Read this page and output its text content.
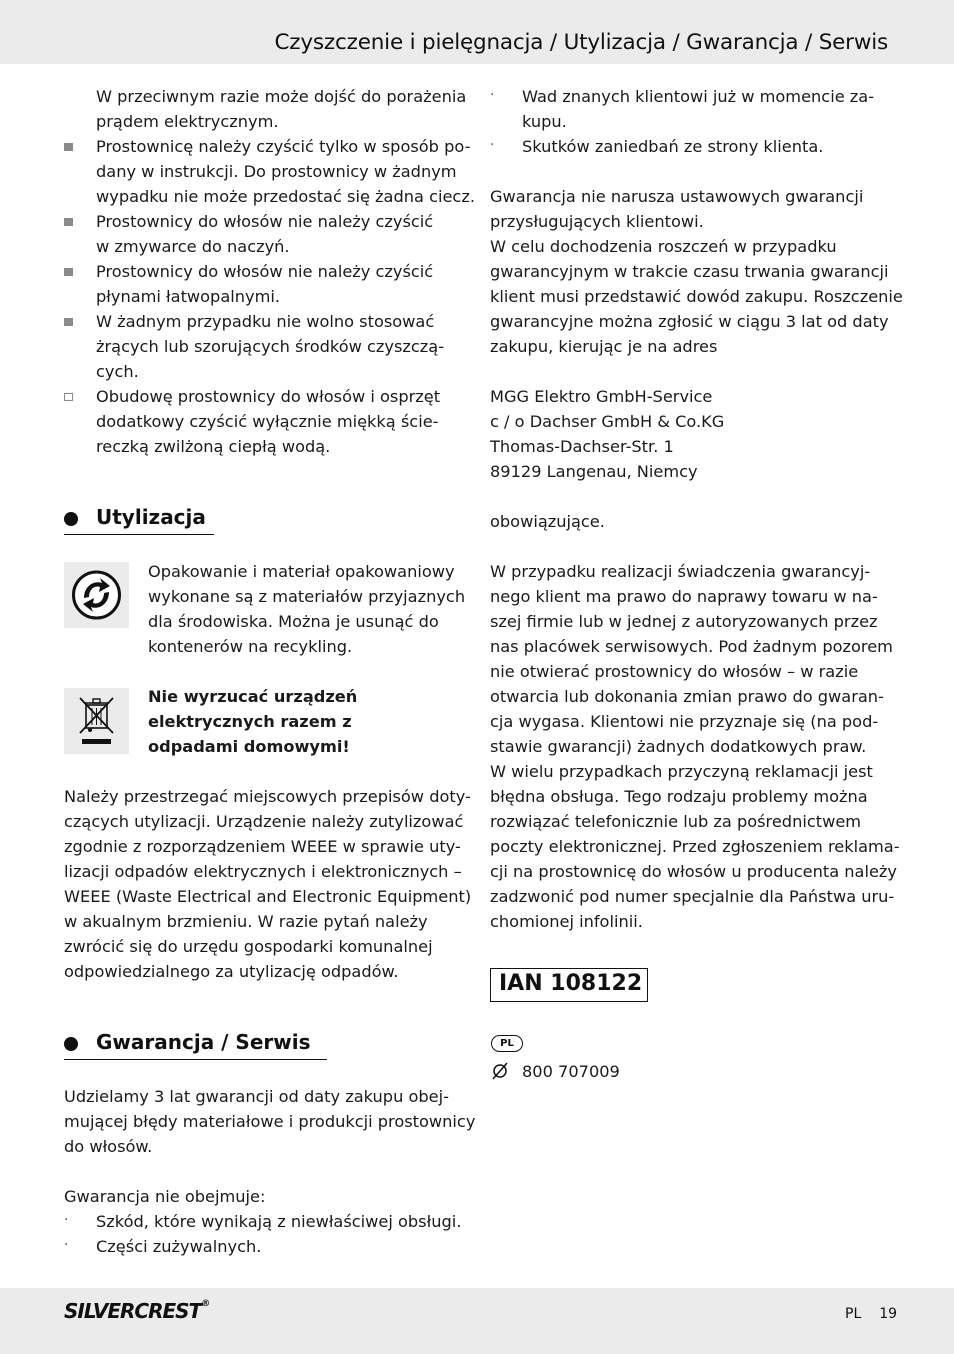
Czyszczenie i pielęgnacja / Utylizacja / Gwarancja / Serwis
W przeciwnym razie może dojść do porażenia
prądem elektrycznym.
Prostownicę należy czyścić tylko w sposób po-
dany w instrukcji. Do prostownicy w żadnym
wypadku nie może przedostać się żadna ciecz.
Prostownicy do włosów nie należy czyścić
w zmywarce do naczyń.
Prostownicy do włosów nie należy czyścić
płynami łatwopalnymi.
W żadnym przypadku nie wolno stosować
żrących lub szorujących środków czyszczą-
cych.
Obudowę prostownicy do włosów i osprzęt
dodatkowy czyścić wyłącznie miękką ście-
reczką zwilżoną ciepłą wodą.
Utylizacja
Opakowanie i materiał opakowaniowy
wykonane są z materiałów przyjaznych
dla środowiska. Można je usunąć do
kontenerów na recykling.
Nie wyrzucać urządzeń
elektrycznych razem z
odpadami domowymi!
Należy przestrzegać miejscowych przepisów doty-
czących utylizacji. Urządzenie należy zutylizować
zgodnie z rozporządzeniem WEEE w sprawie uty-
lizacji odpadów elektrycznych i elektronicznych –
WEEE (Waste Electrical and Electronic Equipment)
w akualnym brzmieniu. W razie pytań należy
zwrócić się do urzędu gospodarki komunalnej
odpowiedzialnego za utylizację odpadów.
Gwarancja / Serwis
Udzielamy 3 lat gwarancji od daty zakupu obej-
mującej błędy materiałowe i produkcji prostownicy
do włosów.
Gwarancja nie obejmuje:
· Szkód, które wynikają z niewłaściwej obsługi.
· Części zużywalnych.
· Wad znanych klientowi już w momencie za-
kupu.
· Skutków zaniedbań ze strony klienta.
Gwarancja nie narusza ustawowych gwarancji
przysługujących klientowi.
W celu dochodzenia roszczeń w przypadku
gwarancyjnym w trakcie czasu trwania gwarancji
klient musi przedstawić dowód zakupu. Roszczenie
gwarancyjne można zgłosić w ciągu 3 lat od daty
zakupu, kierując je na adres
MGG Elektro GmbH-Service
c / o Dachser GmbH & Co.KG
Thomas-Dachser-Str. 1
89129 Langenau, Niemcy
obowiązujące.
W przypadku realizacji świadczenia gwarancyj-
nego klient ma prawo do naprawy towaru w na-
szej firmie lub w jednej z autoryzowanych przez
nas placówek serwisowych. Pod żadnym pozorem
nie otwierać prostownicy do włosów – w razie
otwarcia lub dokonania zmian prawo do gwaran-
cja wygasa. Klientowi nie przyznaje się (na pod-
stawie gwarancji) żadnych dodatkowych praw.
W wielu przypadkach przyczyną reklamacji jest
błędna obsługa. Tego rodzaju problemy można
rozwiązać telefonicznie lub za pośrednictwem
poczty elektronicznej. Przed zgłoszeniem reklama-
cji na prostownicę do włosów u producenta należy
zadzwonić pod numer specjalnie dla Państwa uru-
chomionej infolinii.
IAN 108122
PL
800 707009
SILVERCREST®
PL 19
